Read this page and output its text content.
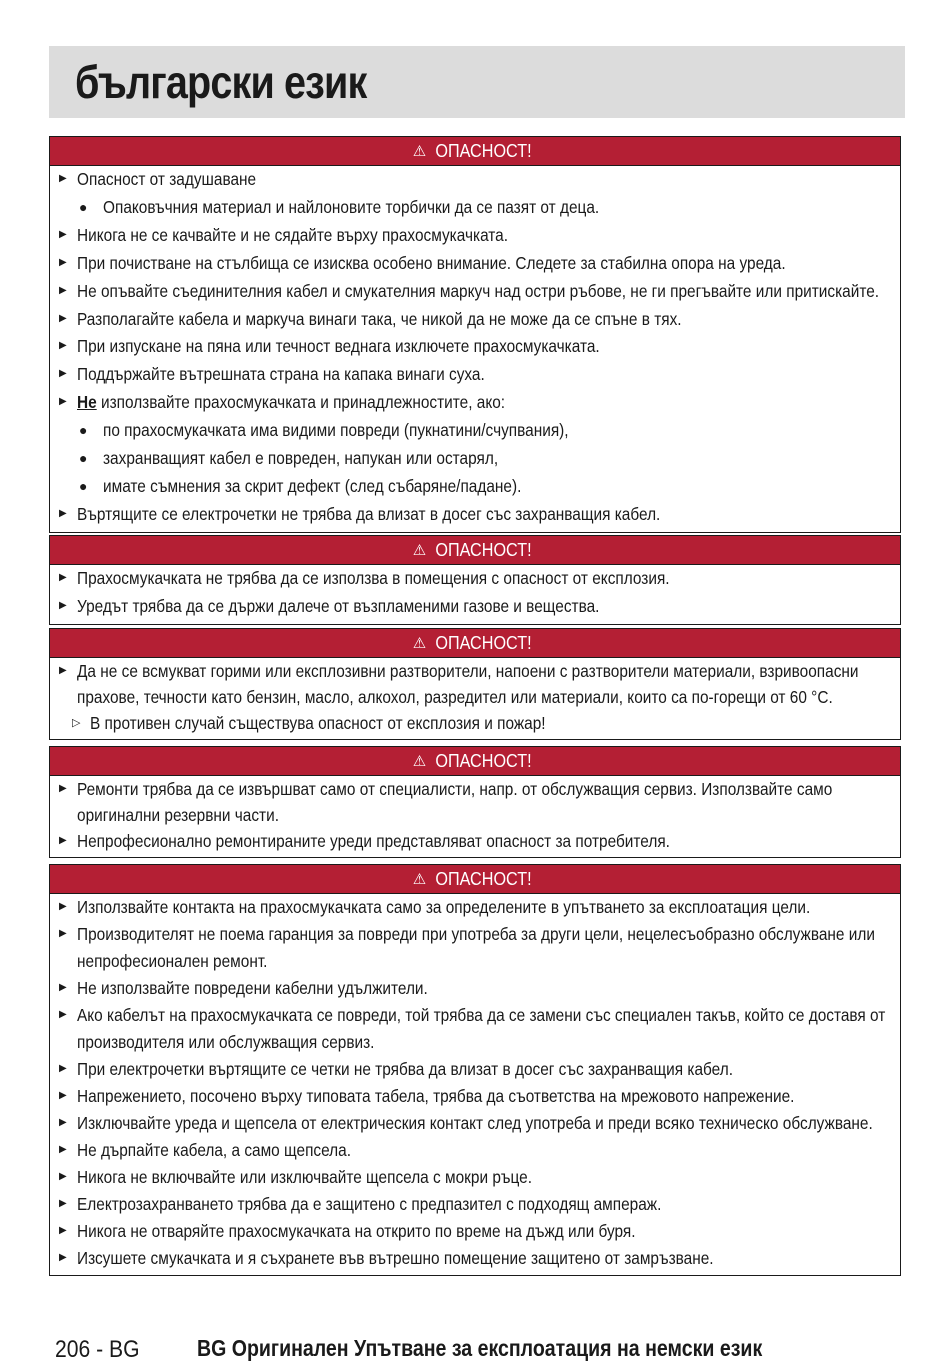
български език
⚠ ОПАСНОСТ!
▶ Опасност от задушаване
● Опаковъчния материал и найлоновите торбички да се пазят от деца.
▶ Никога не се качвайте и не сядайте върху прахосмукачката.
▶ При почистване на стълбища се изисква особено внимание. Следете за стабилна опора на уреда.
▶ Не опъвайте съединителния кабел и смукателния маркуч над остри ръбове, не ги прегъвайте или притискайте.
▶ Разполагайте кабела и маркуча винаги така, че никой да не може да се спъне в тях.
▶ При изпускане на пяна или течност веднага изключете прахосмукачката.
▶ Поддържайте вътрешната страна на капака винаги суха.
▶ Не използвайте прахосмукачката и принадлежностите, ако:
● по прахосмукачката има видими повреди (пукнатини/счупвания),
● захранващият кабел е повреден, напукан или остарял,
● имате съмнения за скрит дефект (след събаряне/падане).
▶ Въртящите се електрочетки не трябва да влизат в досег със захранващия кабел.
⚠ ОПАСНОСТ!
▶ Прахосмукачката не трябва да се използва в помещения с опасност от експлозия.
▶ Уредът трябва да се държи далече от възпламеними газове и вещества.
⚠ ОПАСНОСТ!
▶ Да не се всмукват горими или експлозивни разтворители, напоени с разтворители материали, взривоопасни
прахове, течности като бензин, масло, алкохол, разредител или материали, които са по-горещи от 60 °C.
▷ В противен случай съществува опасност от експлозия и пожар!
⚠ ОПАСНОСТ!
▶ Ремонти трябва да се извършват само от специалисти, напр. от обслужващия сервиз. Използвайте само
оригинални резервни части.
▶ Непрофесионално ремонтираните уреди представляват опасност за потребителя.
⚠ ОПАСНОСТ!
▶ Използвайте контакта на прахосмукачката само за определените в упътването за експлоатация цели.
▶ Производителят не поема гаранция за повреди при употреба за други цели, нецелесъобразно обслужване или
непрофесионален ремонт.
▶ Не използвайте повредени кабелни удължители.
▶ Ако кабелът на прахосмукачката се повреди, той трябва да се замени със специален такъв, който се доставя от
производителя или обслужващия сервиз.
▶ При електрочетки въртящите се четки не трябва да влизат в досег със захранващия кабел.
▶ Напрежението, посочено върху типовата табела, трябва да съответства на мрежовото напрежение.
▶ Изключвайте уреда и щепсела от електрическия контакт след употреба и преди всяко техническо обслужване.
▶ Не дърпайте кабела, а само щепсела.
▶ Никога не включвайте или изключвайте щепсела с мокри ръце.
▶ Електрозахранването трябва да е защитено с предпазител с подходящ ампераж.
▶ Никога не отваряйте прахосмукачката на открито по време на дъжд или буря.
▶ Изсушете смукачката и я съхранете във вътрешно помещение защитено от замръзване.
206 - BG BG Оригинален Упътване за експлоатация на немски език
